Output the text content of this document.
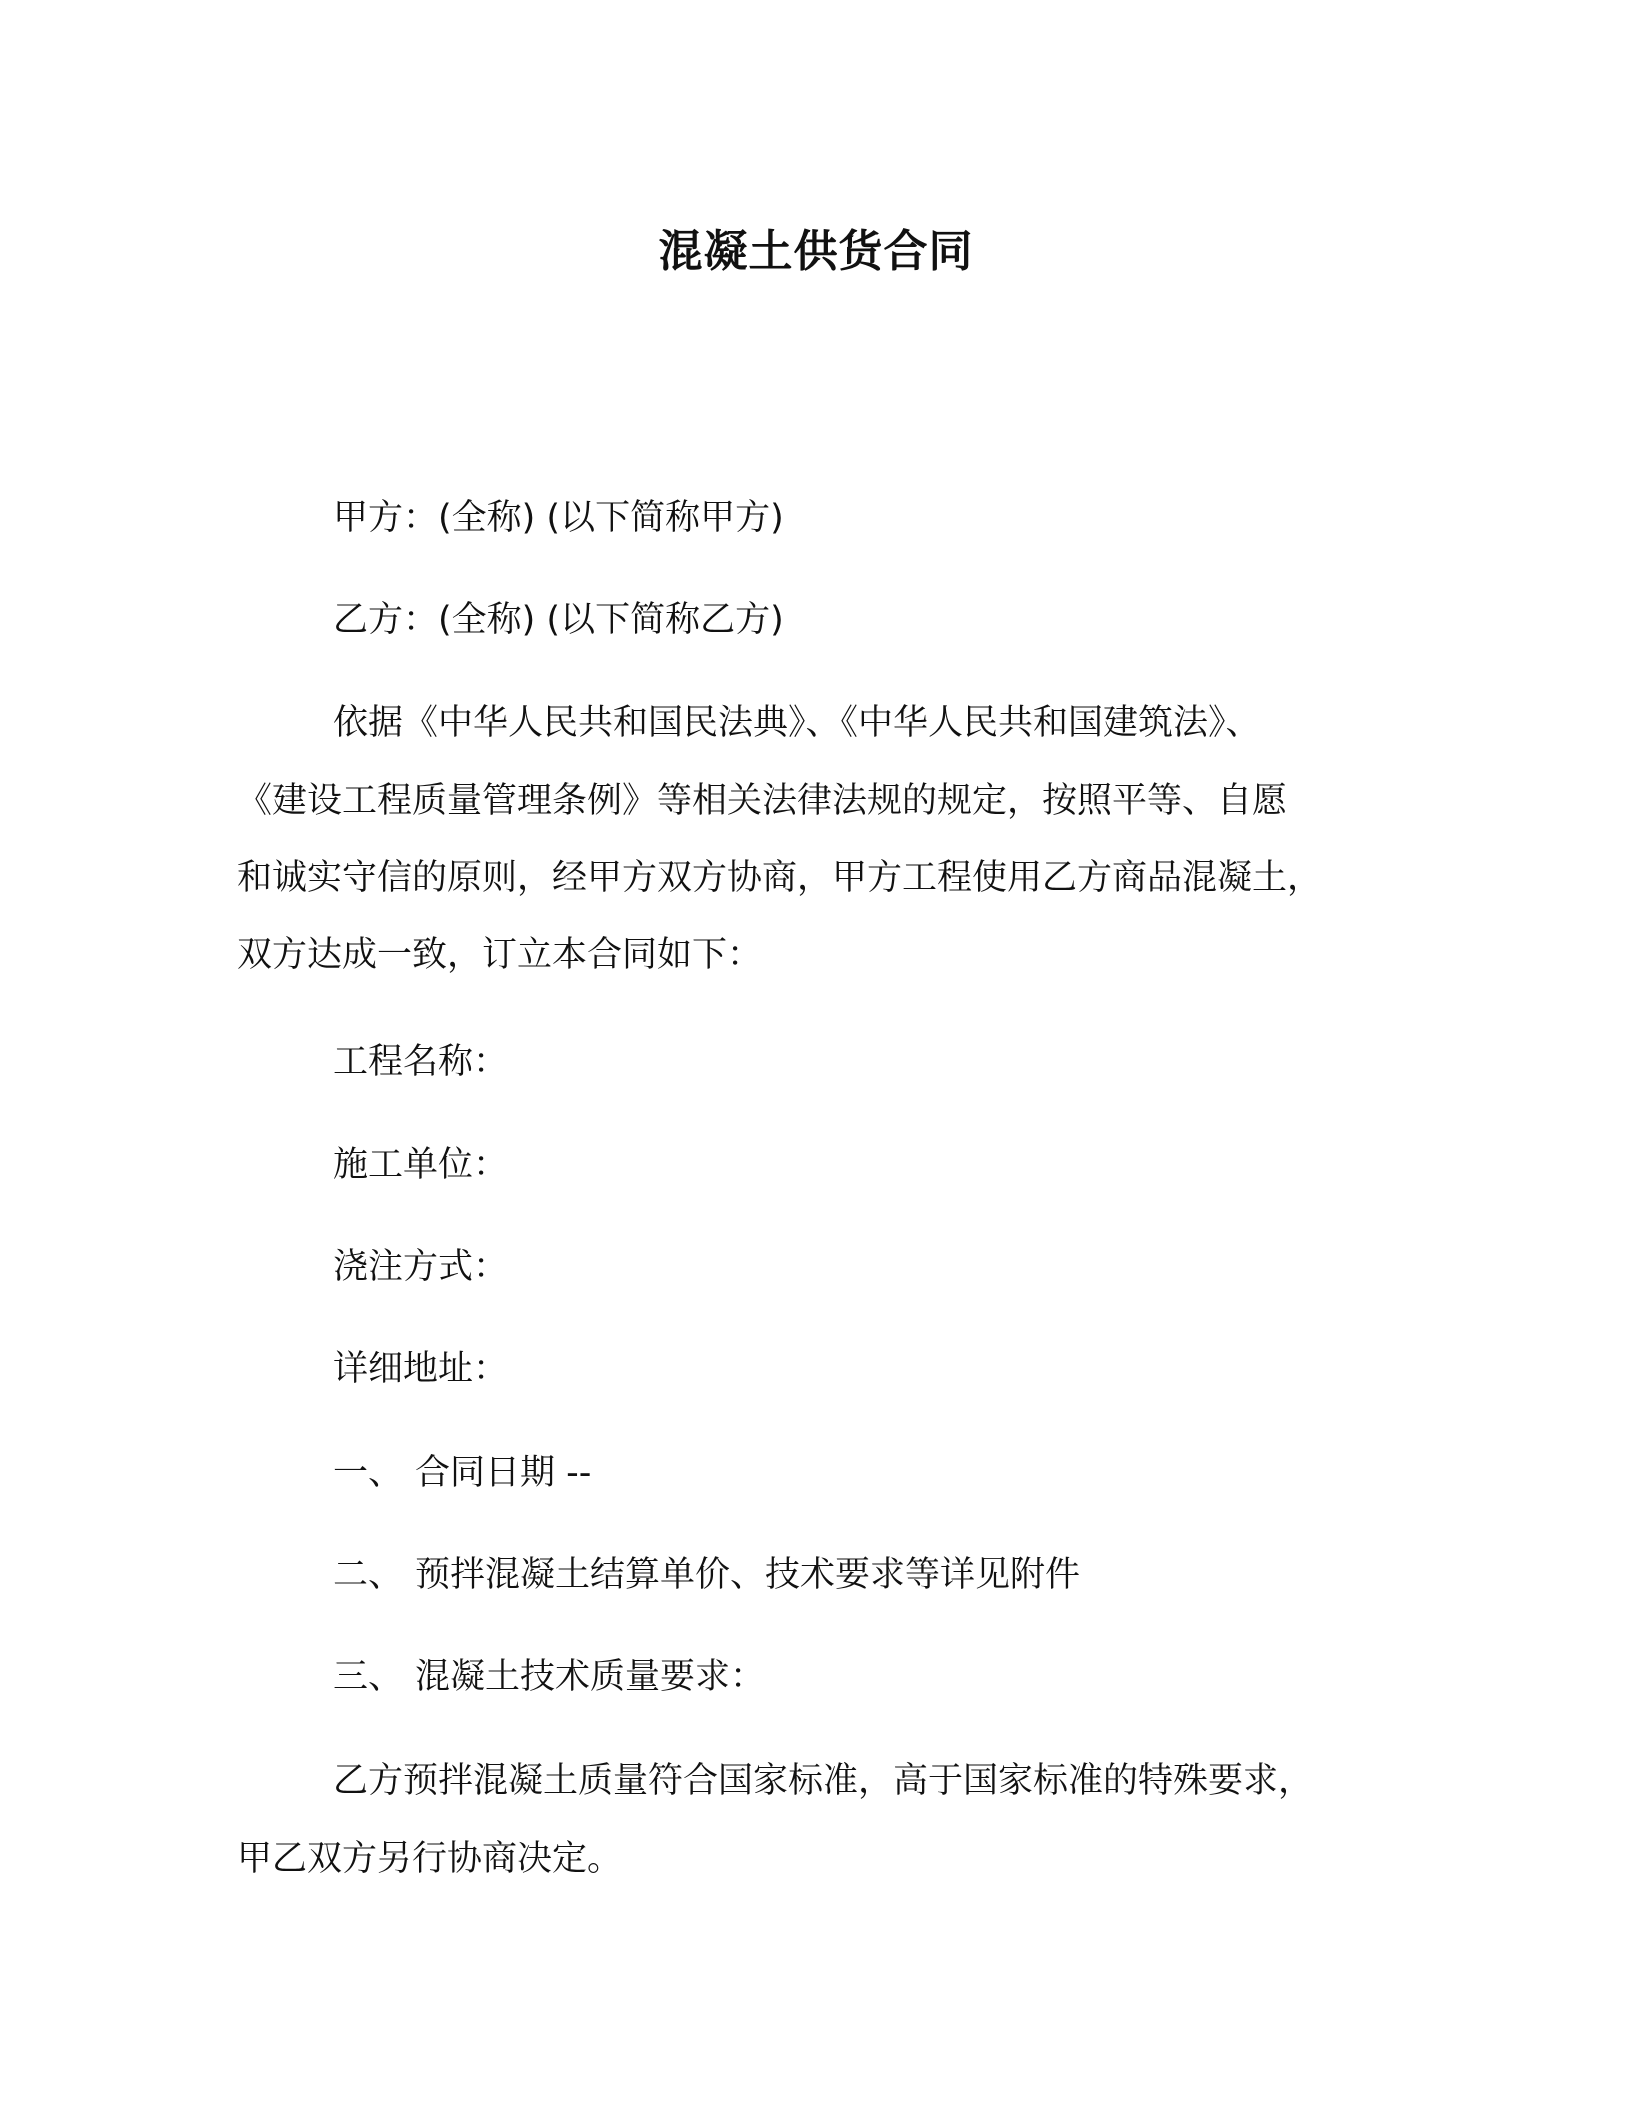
混凝土供货合同
甲方：(全称) (以下简称甲方)
乙方：(全称) (以下简称乙方)
依据《中华人民共和国民法典》、《中华人民共和国建筑法》、
《建设工程质量管理条例》等相关法律法规的规定，按照平等、自愿
和诚实守信的原则，经甲方双方协商，甲方工程使用乙方商品混凝土，
双方达成一致，订立本合同如下：
工程名称：
施工单位：
浇注方式：
详细地址：
一、 合同日期 --
二、 预拌混凝土结算单价、技术要求等详见附件
三、 混凝土技术质量要求：
乙方预拌混凝土质量符合国家标准，高于国家标准的特殊要求，
甲乙双方另行协商决定。
